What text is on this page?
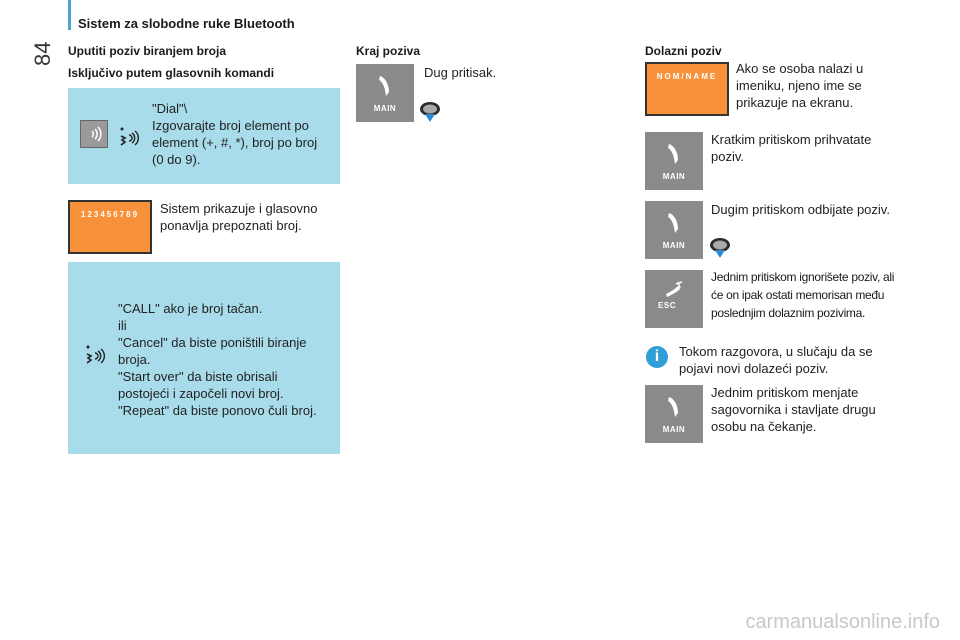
Sistem za slobodne ruke Bluetooth
84 Uputiti poziv biranjem broja
Isključivo putem glasovnih komandi
"Dial"\
Izgovarajte broj element po
element (+, #, *), broj po broj
(0 do 9).
123456789	Sistem prikazuje i glasovno
ponavlja prepoznati broj.
"CALL" ako je broj tačan.
ili
"Cancel" da biste poništili biranje
broja.
"Start over" da biste obrisali
postojeći i započeli novi broj.
"Repeat" da biste ponovo čuli broj.
Kraj poziva
MAIN
Dug pritisak.
Dolazni poziv
NOM/NAME
Ako se osoba nalazi u
imeniku, njeno ime se
prikazuje na ekranu.
MAIN
Kratkim pritiskom prihvatate
poziv.
MAIN
Dugim pritiskom odbijate poziv.
ESC
Jednim pritiskom ignorišete poziv, ali
će on ipak ostati memorisan među
poslednjim dolaznim pozivima.
i	Tokom razgovora, u slučaju da se
pojavi novi dolazeći poziv.
MAIN
Jednim pritiskom menjate
sagovornika i stavljate drugu
osobu na čekanje.
carmanualsonline.info
